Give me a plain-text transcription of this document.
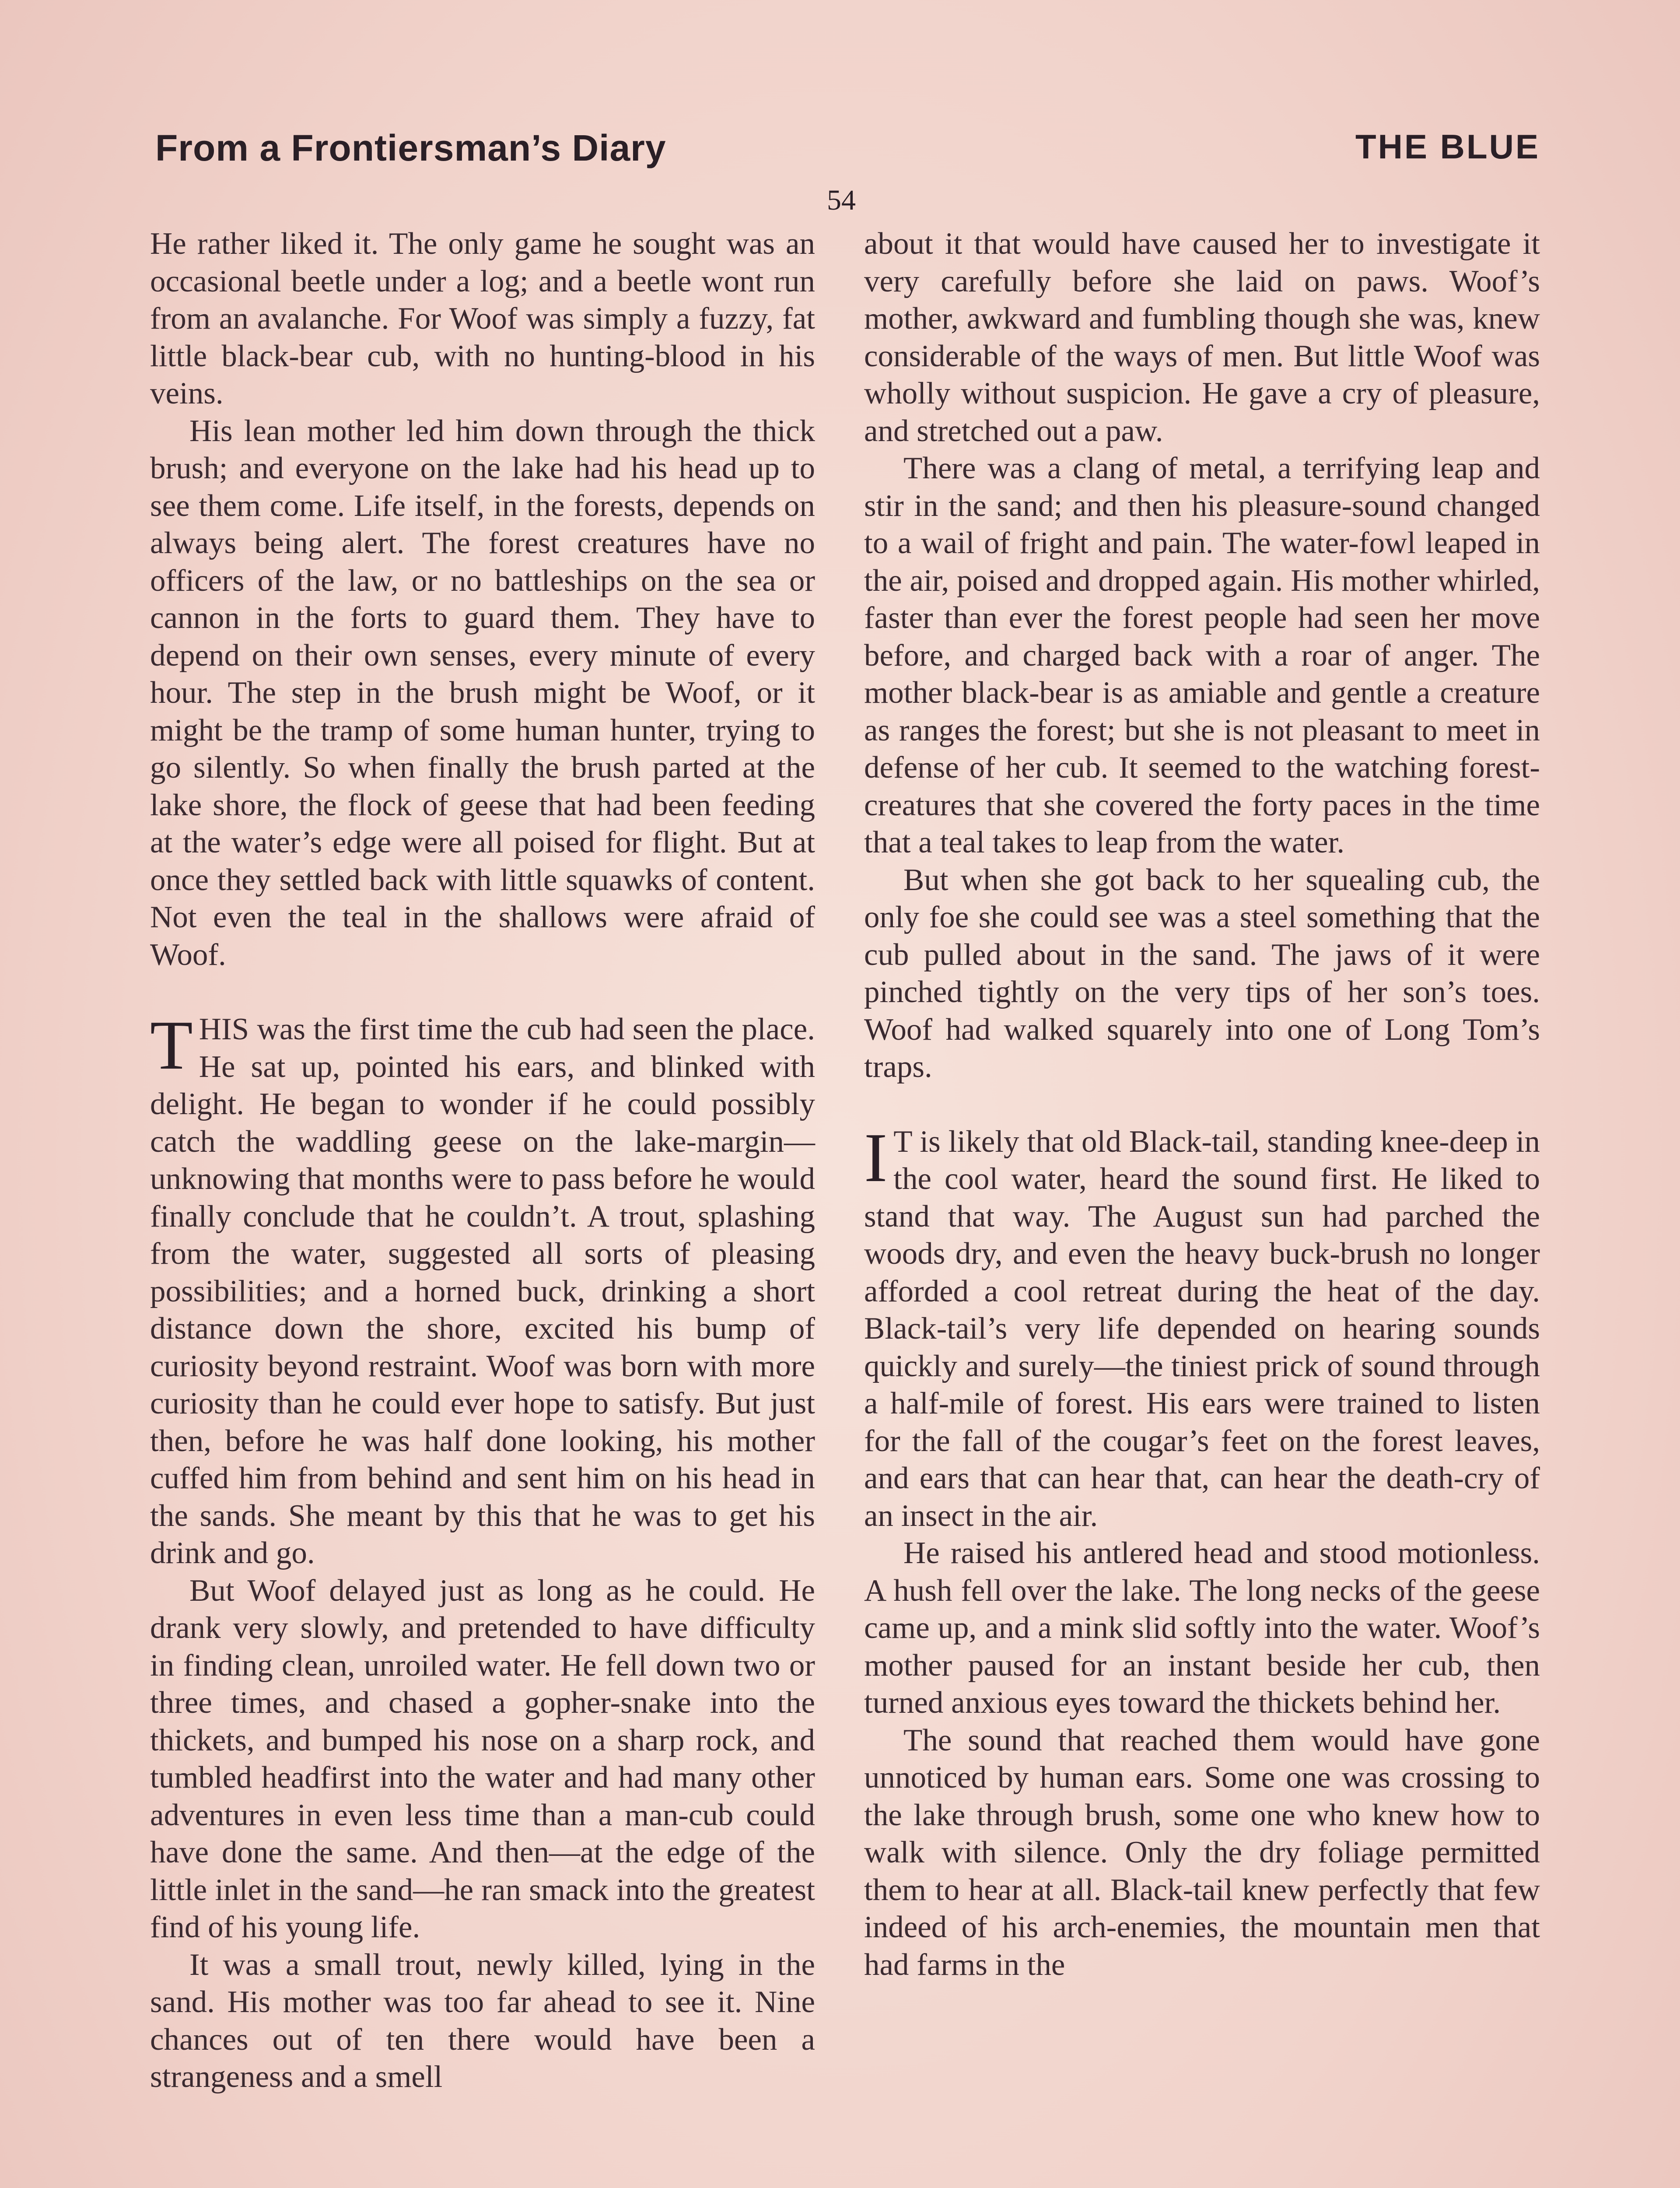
From a Frontiersman’s Diary	THE BLUE
54

He rather liked it. The only game he sought was an occasional beetle under a log; and a beetle wont run from an avalanche. For Woof was simply a fuzzy, fat little black-bear cub, with no hunting-blood in his veins.

His lean mother led him down through the thick brush; and everyone on the lake had his head up to see them come. Life itself, in the forests, depends on always being alert. The forest creatures have no officers of the law, or no battleships on the sea or cannon in the forts to guard them. They have to depend on their own senses, every minute of every hour. The step in the brush might be Woof, or it might be the tramp of some human hunter, trying to go silently. So when finally the brush parted at the lake shore, the flock of geese that had been feeding at the water’s edge were all poised for flight. But at once they settled back with little squawks of content. Not even the teal in the shallows were afraid of Woof.

THIS was the first time the cub had seen the place. He sat up, pointed his ears, and blinked with delight. He began to wonder if he could possibly catch the waddling geese on the lake-margin—unknowing that months were to pass before he would finally conclude that he couldn’t. A trout, splashing from the water, suggested all sorts of pleasing possibilities; and a horned buck, drinking a short distance down the shore, excited his bump of curiosity beyond restraint. Woof was born with more curiosity than he could ever hope to satisfy. But just then, before he was half done looking, his mother cuffed him from behind and sent him on his head in the sands. She meant by this that he was to get his drink and go.

But Woof delayed just as long as he could. He drank very slowly, and pretended to have difficulty in finding clean, unroiled water. He fell down two or three times, and chased a gopher-snake into the thickets, and bumped his nose on a sharp rock, and tumbled headfirst into the water and had many other adventures in even less time than a man-cub could have done the same. And then—at the edge of the little inlet in the sand—he ran smack into the greatest find of his young life.

It was a small trout, newly killed, lying in the sand. His mother was too far ahead to see it. Nine chances out of ten there would have been a strangeness and a smell

about it that would have caused her to investigate it very carefully before she laid on paws. Woof’s mother, awkward and fumbling though she was, knew considerable of the ways of men. But little Woof was wholly without suspicion. He gave a cry of pleasure, and stretched out a paw.

There was a clang of metal, a terrifying leap and stir in the sand; and then his pleasure-sound changed to a wail of fright and pain. The water-fowl leaped in the air, poised and dropped again. His mother whirled, faster than ever the forest people had seen her move before, and charged back with a roar of anger. The mother black-bear is as amiable and gentle a creature as ranges the forest; but she is not pleasant to meet in defense of her cub. It seemed to the watching forest-creatures that she covered the forty paces in the time that a teal takes to leap from the water.

But when she got back to her squealing cub, the only foe she could see was a steel something that the cub pulled about in the sand. The jaws of it were pinched tightly on the very tips of her son’s toes. Woof had walked squarely into one of Long Tom’s traps.

I T is likely that old Black-tail, standing knee-deep in the cool water, heard the sound first. He liked to stand that way. The August sun had parched the woods dry, and even the heavy buck-brush no longer afforded a cool retreat during the heat of the day. Black-tail’s very life depended on hearing sounds quickly and surely—the tiniest prick of sound through a half-mile of forest. His ears were trained to listen for the fall of the cougar’s feet on the forest leaves, and ears that can hear that, can hear the death-cry of an insect in the air.

He raised his antlered head and stood motionless. A hush fell over the lake. The long necks of the geese came up, and a mink slid softly into the water. Woof’s mother paused for an instant beside her cub, then turned anxious eyes toward the thickets behind her.

The sound that reached them would have gone unnoticed by human ears. Some one was crossing to the lake through brush, some one who knew how to walk with silence. Only the dry foliage permitted them to hear at all. Black-tail knew perfectly that few indeed of his arch-enemies, the mountain men that had farms in the
